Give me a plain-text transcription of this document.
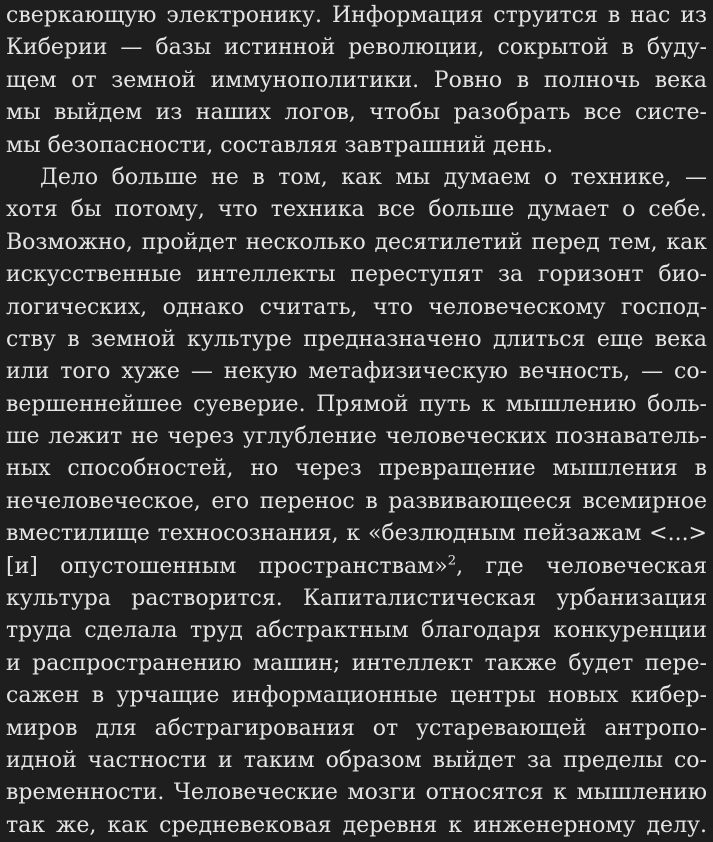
сверкающую электронику. Информация струится в нас из
Киберии — базы истинной революции, сокрытой в буду-
щем от земной иммунополитики. Ровно в полночь века
мы выйдем из наших логов, чтобы разобрать все систе-
мы безопасности, составляя завтрашний день.
Дело больше не в том, как мы думаем о технике, —
хотя бы потому, что техника все больше думает о себе.
Возможно, пройдет несколько десятилетий перед тем, как
искусственные интеллекты переступят за горизонт био-
логических, однако считать, что человеческому господ-
ству в земной культуре предназначено длиться еще века
или того хуже — некую метафизическую вечность, — со-
вершеннейшее суеверие. Прямой путь к мышлению боль-
ше лежит не через углубление человеческих познаватель-
ных способностей, но через превращение мышления в
нечеловеческое, его перенос в развивающееся всемирное
вместилище техносознания, к «безлюдным пейзажам <...>
[и] опустошенным пространствам»$^2$, где человеческая
культура растворится. Капиталистическая урбанизация
труда сделала труд абстрактным благодаря конкуренции
и распространению машин; интеллект также будет пере-
сажен в урчащие информационные центры новых кибер-
миров для абстрагирования от устаревающей антропо-
идной частности и таким образом выйдет за пределы со-
временности. Человеческие мозги относятся к мышлению
так же, как средневековая деревня к инженерному делу.
